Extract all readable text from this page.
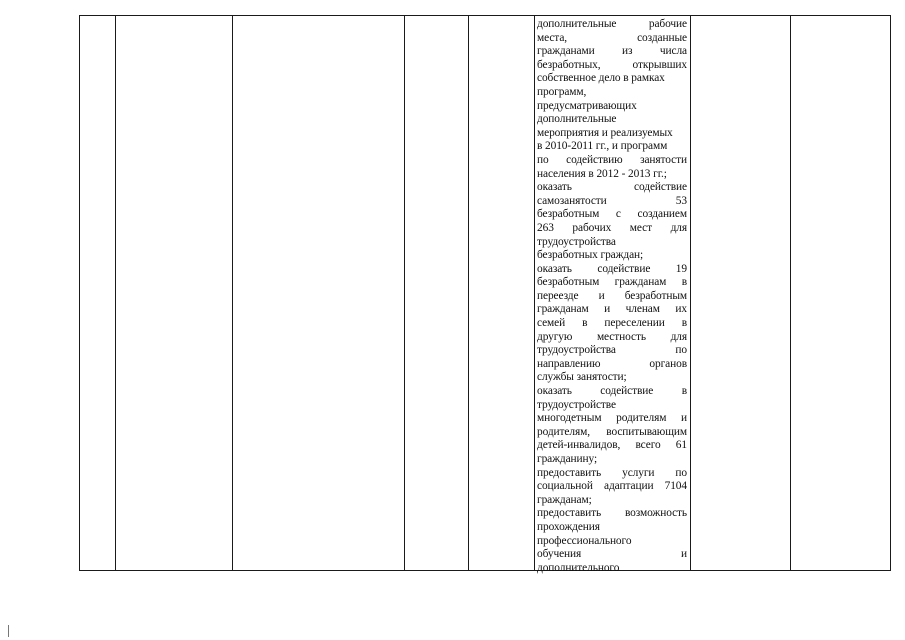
дополнительные рабочие
места, созданные
гражданами из числа
безработных, открывших
собственное дело в рамках
программ,
предусматривающих
дополнительные
мероприятия и реализуемых
в 2010-2011 гг., и программ
по содействию занятости
населения в 2012 - 2013 гг.;
оказать содействие
самозанятости 53
безработным с созданием
263 рабочих мест для
трудоустройства
безработных граждан;
оказать содействие 19
безработным гражданам в
переезде и безработным
гражданам и членам их
семей в переселении в
другую местность для
трудоустройства по
направлению органов
службы занятости;
оказать содействие в
трудоустройстве
многодетным родителям и
родителям, воспитывающим
детей-инвалидов, всего 61
гражданину;
предоставить услуги по
социальной адаптации 7104
гражданам;
предоставить возможность
прохождения
профессионального
обучения и
дополнительного
